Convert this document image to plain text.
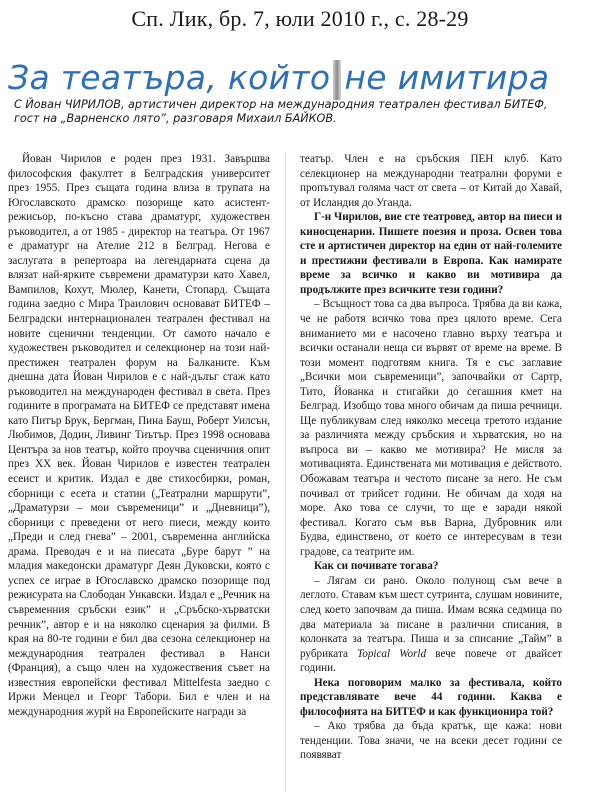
Сп. Лик, бр. 7, юли 2010 г., с. 28-29
За театъра, който не имитира
С Йован ЧИРИЛОВ, артистичен директор на международния театрален фестивал БИТЕФ, гост на „Варненско лято”, разговаря Михаил БАЙКОВ.

Йован Чирилов е роден през 1931. Завършва философския факултет в Белградския университет през 1955. През същата година влиза в трупата на Югославското драмско позорище като асистент-режисьор, по-късно става драматург, художествен ръководител, а от 1985 - директор на театъра. От 1967 е драматург на Ателие 212 в Белград. Негова е заслугата в репертоара на легендарната сцена да влязат най-ярките съвремени драматурзи като Хавел, Вампилов, Кохут, Мюлер, Канети, Стопард. Същата година заедно с Мира Траилович основават БИТЕФ – Белградски интернационален театрален фестивал на новите сценични тенденции. От самото начало е художествен ръководител и селекционер на този най-престижен театрален форум на Балканите. Към днешна дата Йован Чирилов е с най-дълъг стаж като ръководител на международен фестивал в света. През годините в програмата на БИТЕФ се представят имена като Питър Брук, Бергман, Пина Бауш, Роберт Уилсън, Любимов, Додин, Ливинг Тиътър. През 1998 основава Центъра за нов театър, който проучва сценичния опит през ХХ век. Йован Чирилов е известен театрален есеист и критик. Издал е две стихосбирки, роман, сборници с есета и статии („Театрални маршрути”, „Драматурзи – мои съвременици” и „Дневници”), сборници с преведени от него пиеси, между които „Преди и след гнева” – 2001, съвременна английска драма. Преводач е и на пиесата „Буре барут ” на младия македонски драматург Деян Дуковски, която с успех се играе в Югославско драмско позорище под режисурата на Слободан Ункавски. Издал е „Речник на съвременния сръбски език” и „Сръбско-хърватски речник”, автор е и на няколко сценария за филми. В края на 80-те години е бил два сезона селекционер на международния театрален фестивал в Нанси (Франция), а също член на художествения съвет на известния европейски фестивал Mittelfesta заедно с Иржи Менцел и Георг Табори. Бил е член и на международния журй на Европейските награди за

театър. Член е на сръбския ПЕН клуб. Като селекционер на международни театрални форуми е пропътувал голяма част от света – от Китай до Хавай, от Исландия до Уганда.

Г-н Чирилов, вие сте театровед, автор на пиеси и киносценарии. Пишете поезия и проза. Освен това сте и артистичен директор на един от най-големите и престижни фестивали в Европа. Как намирате време за всичко и какво ви мотивира да продължите през всичките тези години?

– Всъщност това са два въпроса. Трябва да ви кажа, че не работя всичко това през цялото време. Сега вниманието ми е насочено главно върху театъра и всички останали неща си вървят от време на време. В този момент подготвям книга. Тя е със заглавие „Всички мои съвременици”, започвайки от Сартр, Тито, Йованка и стигайки до сегашния кмет на Белград. Изобщо това много обичам да пиша речници. Ще публикувам след няколко месеца третото издание за различията между сръбския и хърватския, но на въпроса ви – какво ме мотивира? Не мисля за мотивацията. Единствената ми мотивация е действото. Обожавам театъра и честото писане за него. Не съм почивал от трийсет години. Не обичам да ходя на море. Ако това се случи, то ще е заради някой фестивал. Когато съм във Варна, Дубровник или Будва, единствено, от което се интересувам в тези градове, са театрите им.

Как си почивате тогава?

– Лягам си рано. Около полунощ съм вече в леглото. Ставам към шест сутринта, слушам новините, след което започвам да пиша. Имам всяка седмица по два материала за писане в различни списания, в колонката за театъра. Пиша и за списание „Тайм” в рубриката Topical World вече повече от двайсет години.

Нека поговорим малко за фестивала, който представлявате вече 44 години. Каква е философията на БИТЕФ и как функционира той?

– Ако трябва да бъда кратък, ще кажа: нови тенденции. Това значи, че на всеки десет години се появяват
